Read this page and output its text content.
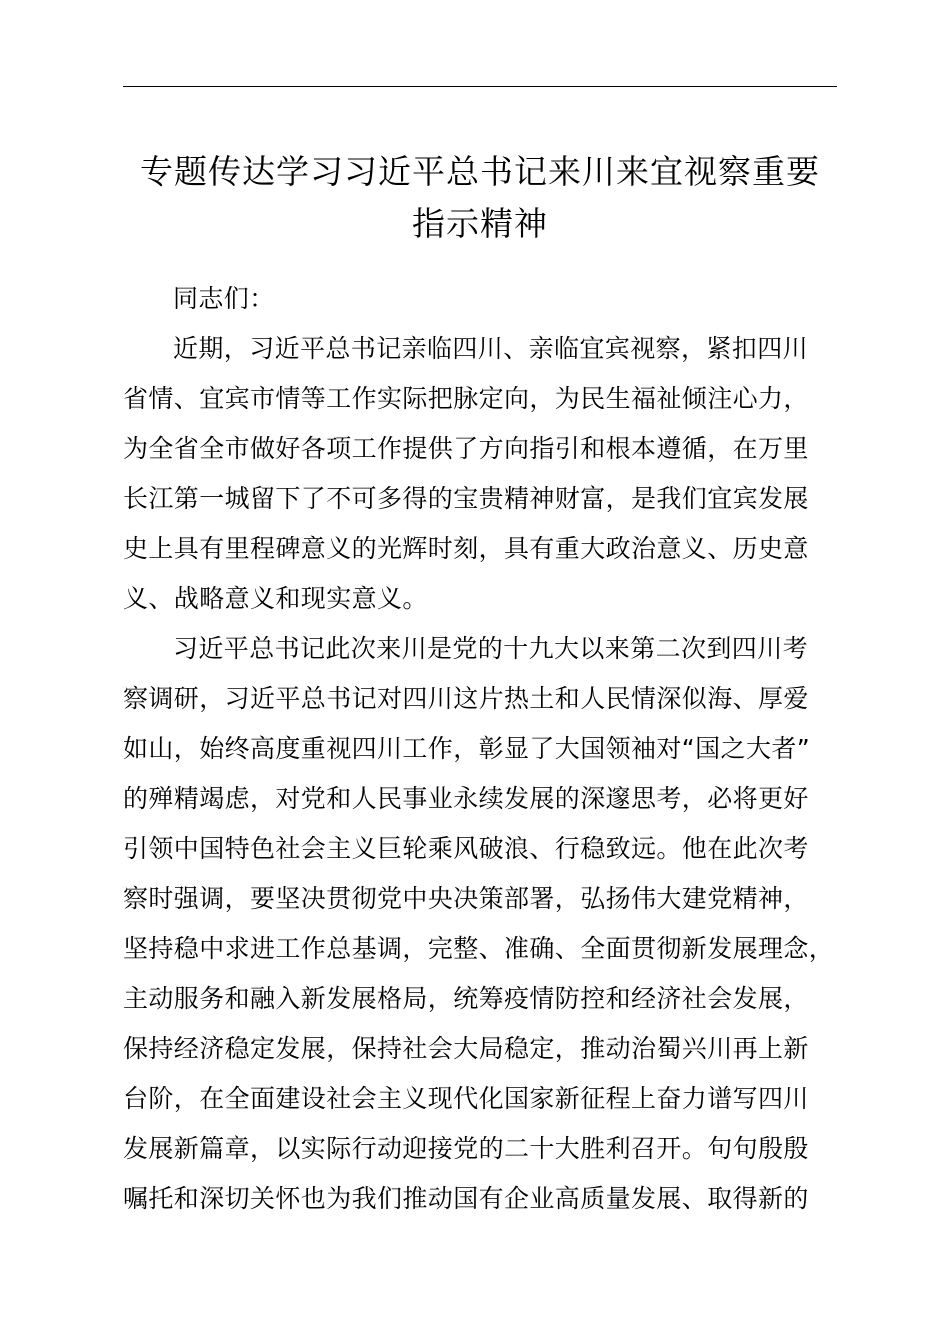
专题传达学习习近平总书记来川来宜视察重要
指示精神
同志们：
近期，习近平总书记亲临四川、亲临宜宾视察，紧扣四川
省情、宜宾市情等工作实际把脉定向，为民生福祉倾注心力，
为全省全市做好各项工作提供了方向指引和根本遵循，在万里
长江第一城留下了不可多得的宝贵精神财富，是我们宜宾发展
史上具有里程碑意义的光辉时刻，具有重大政治意义、历史意
义、战略意义和现实意义。
习近平总书记此次来川是党的十九大以来第二次到四川考
察调研，习近平总书记对四川这片热土和人民情深似海、厚爱
如山，始终高度重视四川工作，彰显了大国领袖对“国之大者”
的殚精竭虑，对党和人民事业永续发展的深邃思考，必将更好
引领中国特色社会主义巨轮乘风破浪、行稳致远。他在此次考
察时强调，要坚决贯彻党中央决策部署，弘扬伟大建党精神，
坚持稳中求进工作总基调，完整、准确、全面贯彻新发展理念，
主动服务和融入新发展格局，统筹疫情防控和经济社会发展，
保持经济稳定发展，保持社会大局稳定，推动治蜀兴川再上新
台阶，在全面建设社会主义现代化国家新征程上奋力谱写四川
发展新篇章，以实际行动迎接党的二十大胜利召开。句句殷殷
嘱托和深切关怀也为我们推动国有企业高质量发展、取得新的
